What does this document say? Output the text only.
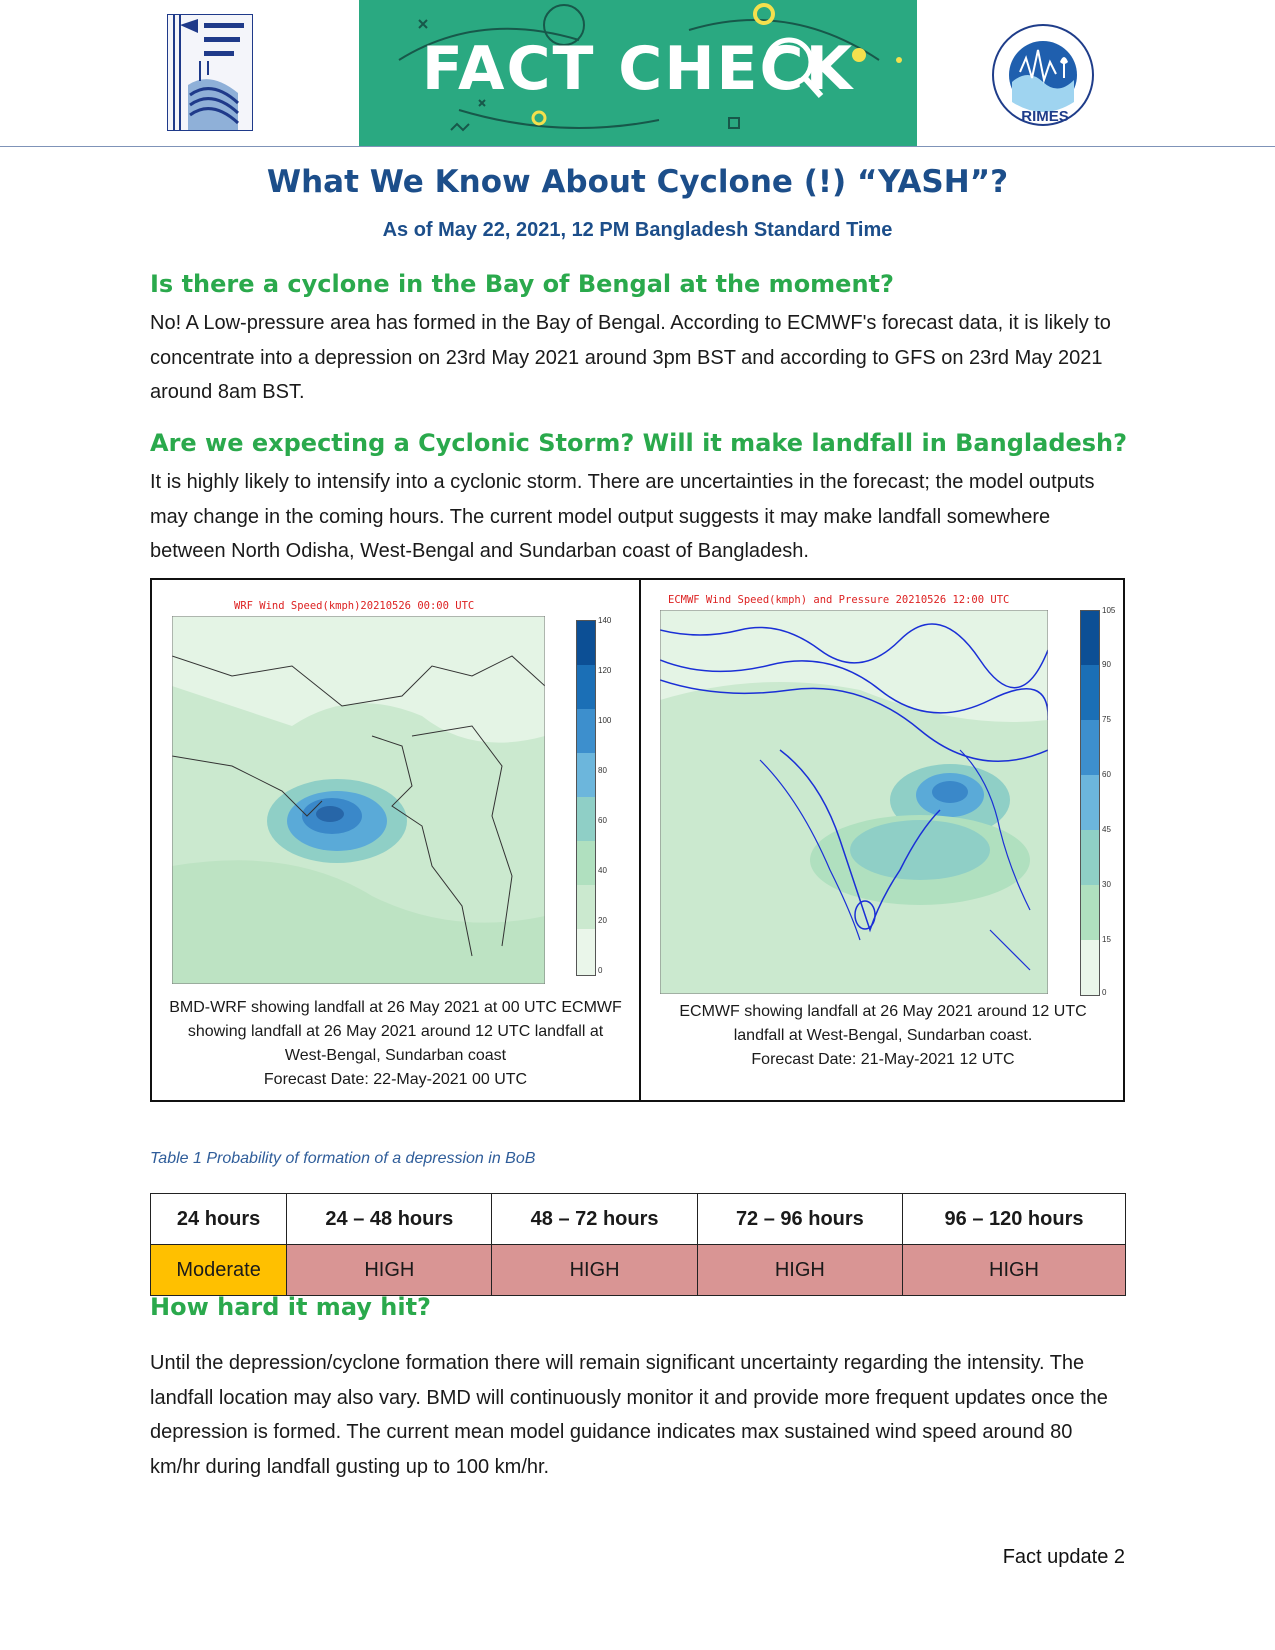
FACT CHECK
RIMES
What We Know About Cyclone (!) “YASH”?
As of May 22, 2021, 12 PM Bangladesh Standard Time
Is there a cyclone in the Bay of Bengal at the moment?

No! A Low-pressure area has formed in the Bay of Bengal. According to ECMWF's forecast data, it is likely to concentrate into a depression on 23rd May 2021 around 3pm BST and according to GFS on 23rd May 2021 around 8am BST.

Are we expecting a Cyclonic Storm? Will it make landfall in Bangladesh?

It is highly likely to intensify into a cyclonic storm. There are uncertainties in the forecast; the model outputs may change in the coming hours. The current model output suggests it may make landfall somewhere between North Odisha, West-Bengal and Sundarban coast of Bangladesh.

WRF Wind Speed(kmph)20210526 00:00 UTC
140
120
100
80
60
40
20
0
BMD-WRF showing landfall at 26 May 2021 at 00 UTC ECMWF
showing landfall at 26 May 2021 around 12 UTC landfall at
West-Bengal, Sundarban coast
Forecast Date: 22-May-2021 00 UTC
ECMWF Wind Speed(kmph) and Pressure 20210526 12:00 UTC
105
90
75
60
45
30
15
0
ECMWF showing landfall at 26 May 2021 around 12 UTC
landfall at West-Bengal, Sundarban coast.
Forecast Date: 21-May-2021 12 UTC
Table 1 Probability of formation of a depression in BoB
24 hours	24 – 48 hours	48 – 72 hours	72 – 96 hours	96 – 120 hours
Moderate	HIGH	HIGH	HIGH	HIGH
How hard it may hit?

Until the depression/cyclone formation there will remain significant uncertainty regarding the intensity. The landfall location may also vary. BMD will continuously monitor it and provide more frequent updates once the depression is formed. The current mean model guidance indicates max sustained wind speed around 80 km/hr during landfall gusting up to 100 km/hr.

Fact update 2
